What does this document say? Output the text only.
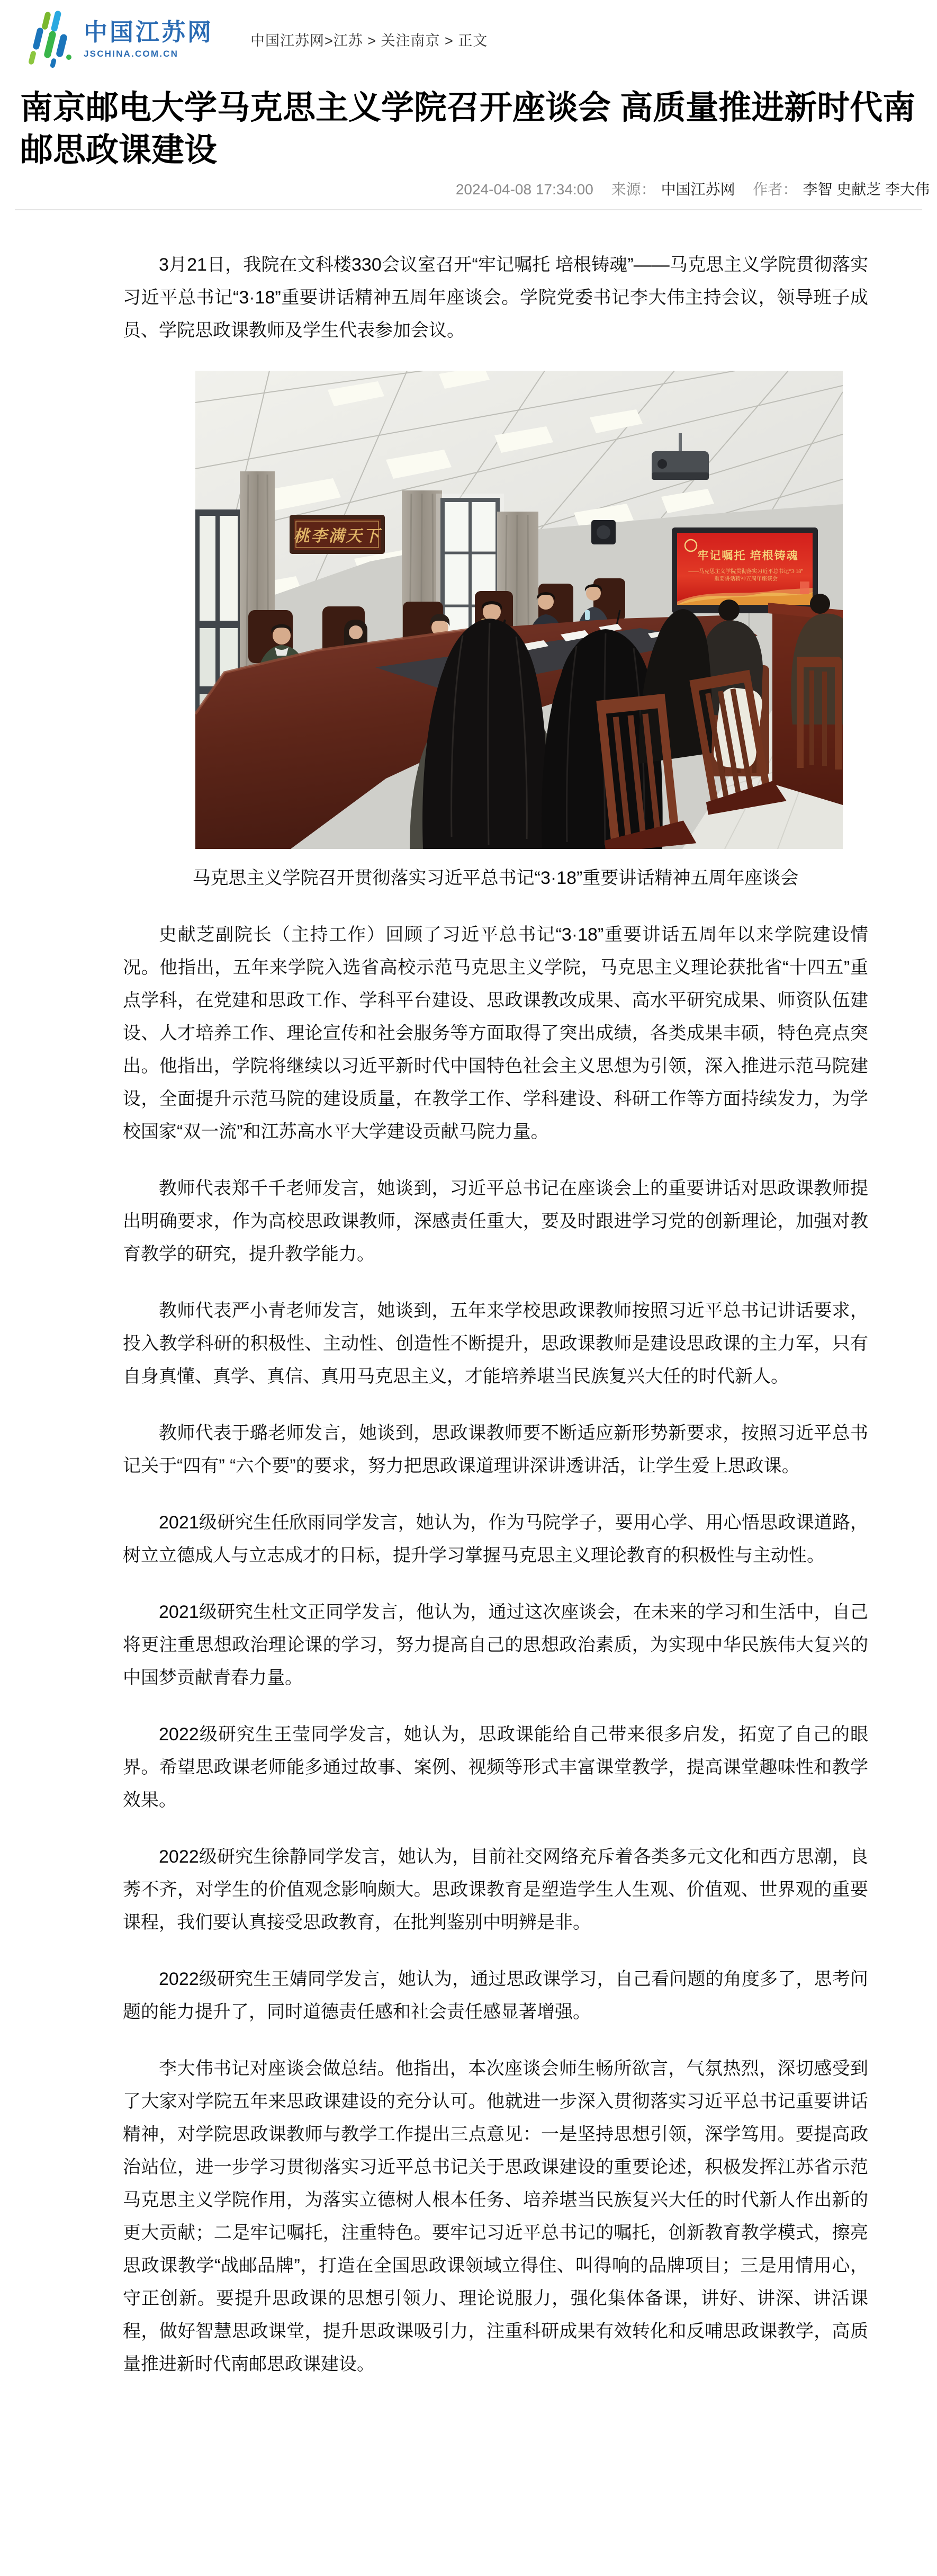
中国江苏网
JSCHINA.COM.CN
中国江苏网>江苏 > 关注南京 > 正文
南京邮电大学马克思主义学院召开座谈会 高质量推进新时代南邮思政课建设
2024-04-08 17:34:00 来源： 中国江苏网 作者： 李智 史献芝 李大伟

3月21日，我院在文科楼330会议室召开“牢记嘱托 培根铸魂”——马克思主义学院贯彻落实习近平总书记“3·18”重要讲话精神五周年座谈会。学院党委书记李大伟主持会议，领导班子成员、学院思政课教师及学生代表参加会议。

桃李满天下
牢记嘱托 培根铸魂
——马克思主义学院贯彻落实习近平总书记“3·18”
重要讲话精神五周年座谈会
马克思主义学院召开贯彻落实习近平总书记“3·18”重要讲话精神五周年座谈会

史献芝副院长（主持工作）回顾了习近平总书记“3·18”重要讲话五周年以来学院建设情况。他指出，五年来学院入选省高校示范马克思主义学院，马克思主义理论获批省“十四五”重点学科，在党建和思政工作、学科平台建设、思政课教改成果、高水平研究成果、师资队伍建设、人才培养工作、理论宣传和社会服务等方面取得了突出成绩，各类成果丰硕，特色亮点突出。他指出，学院将继续以习近平新时代中国特色社会主义思想为引领，深入推进示范马院建设，全面提升示范马院的建设质量，在教学工作、学科建设、科研工作等方面持续发力，为学校国家“双一流”和江苏高水平大学建设贡献马院力量。

教师代表郑千千老师发言，她谈到，习近平总书记在座谈会上的重要讲话对思政课教师提出明确要求，作为高校思政课教师，深感责任重大，要及时跟进学习党的创新理论，加强对教育教学的研究，提升教学能力。

教师代表严小青老师发言，她谈到，五年来学校思政课教师按照习近平总书记讲话要求，投入教学科研的积极性、主动性、创造性不断提升，思政课教师是建设思政课的主力军，只有自身真懂、真学、真信、真用马克思主义，才能培养堪当民族复兴大任的时代新人。

教师代表于璐老师发言，她谈到，思政课教师要不断适应新形势新要求，按照习近平总书记关于“四有” “六个要”的要求，努力把思政课道理讲深讲透讲活，让学生爱上思政课。

2021级研究生任欣雨同学发言，她认为，作为马院学子，要用心学、用心悟思政课道路，树立立德成人与立志成才的目标，提升学习掌握马克思主义理论教育的积极性与主动性。

2021级研究生杜文正同学发言，他认为，通过这次座谈会，在未来的学习和生活中，自己将更注重思想政治理论课的学习，努力提高自己的思想政治素质，为实现中华民族伟大复兴的中国梦贡献青春力量。

2022级研究生王莹同学发言，她认为，思政课能给自己带来很多启发，拓宽了自己的眼界。希望思政课老师能多通过故事、案例、视频等形式丰富课堂教学，提高课堂趣味性和教学效果。

2022级研究生徐静同学发言，她认为，目前社交网络充斥着各类多元文化和西方思潮，良莠不齐，对学生的价值观念影响颇大。思政课教育是塑造学生人生观、价值观、世界观的重要课程，我们要认真接受思政教育，在批判鉴别中明辨是非。

2022级研究生王婧同学发言，她认为，通过思政课学习，自己看问题的角度多了，思考问题的能力提升了，同时道德责任感和社会责任感显著增强。

李大伟书记对座谈会做总结。他指出，本次座谈会师生畅所欲言，气氛热烈，深切感受到了大家对学院五年来思政课建设的充分认可。他就进一步深入贯彻落实习近平总书记重要讲话精神，对学院思政课教师与教学工作提出三点意见：一是坚持思想引领，深学笃用。要提高政治站位，进一步学习贯彻落实习近平总书记关于思政课建设的重要论述，积极发挥江苏省示范马克思主义学院作用，为落实立德树人根本任务、培养堪当民族复兴大任的时代新人作出新的更大贡献；二是牢记嘱托，注重特色。要牢记习近平总书记的嘱托，创新教育教学模式，擦亮思政课教学“战邮品牌”，打造在全国思政课领域立得住、叫得响的品牌项目；三是用情用心，守正创新。要提升思政课的思想引领力、理论说服力，强化集体备课，讲好、讲深、讲活课程，做好智慧思政课堂，提升思政课吸引力，注重科研成果有效转化和反哺思政课教学，高质量推进新时代南邮思政课建设。
